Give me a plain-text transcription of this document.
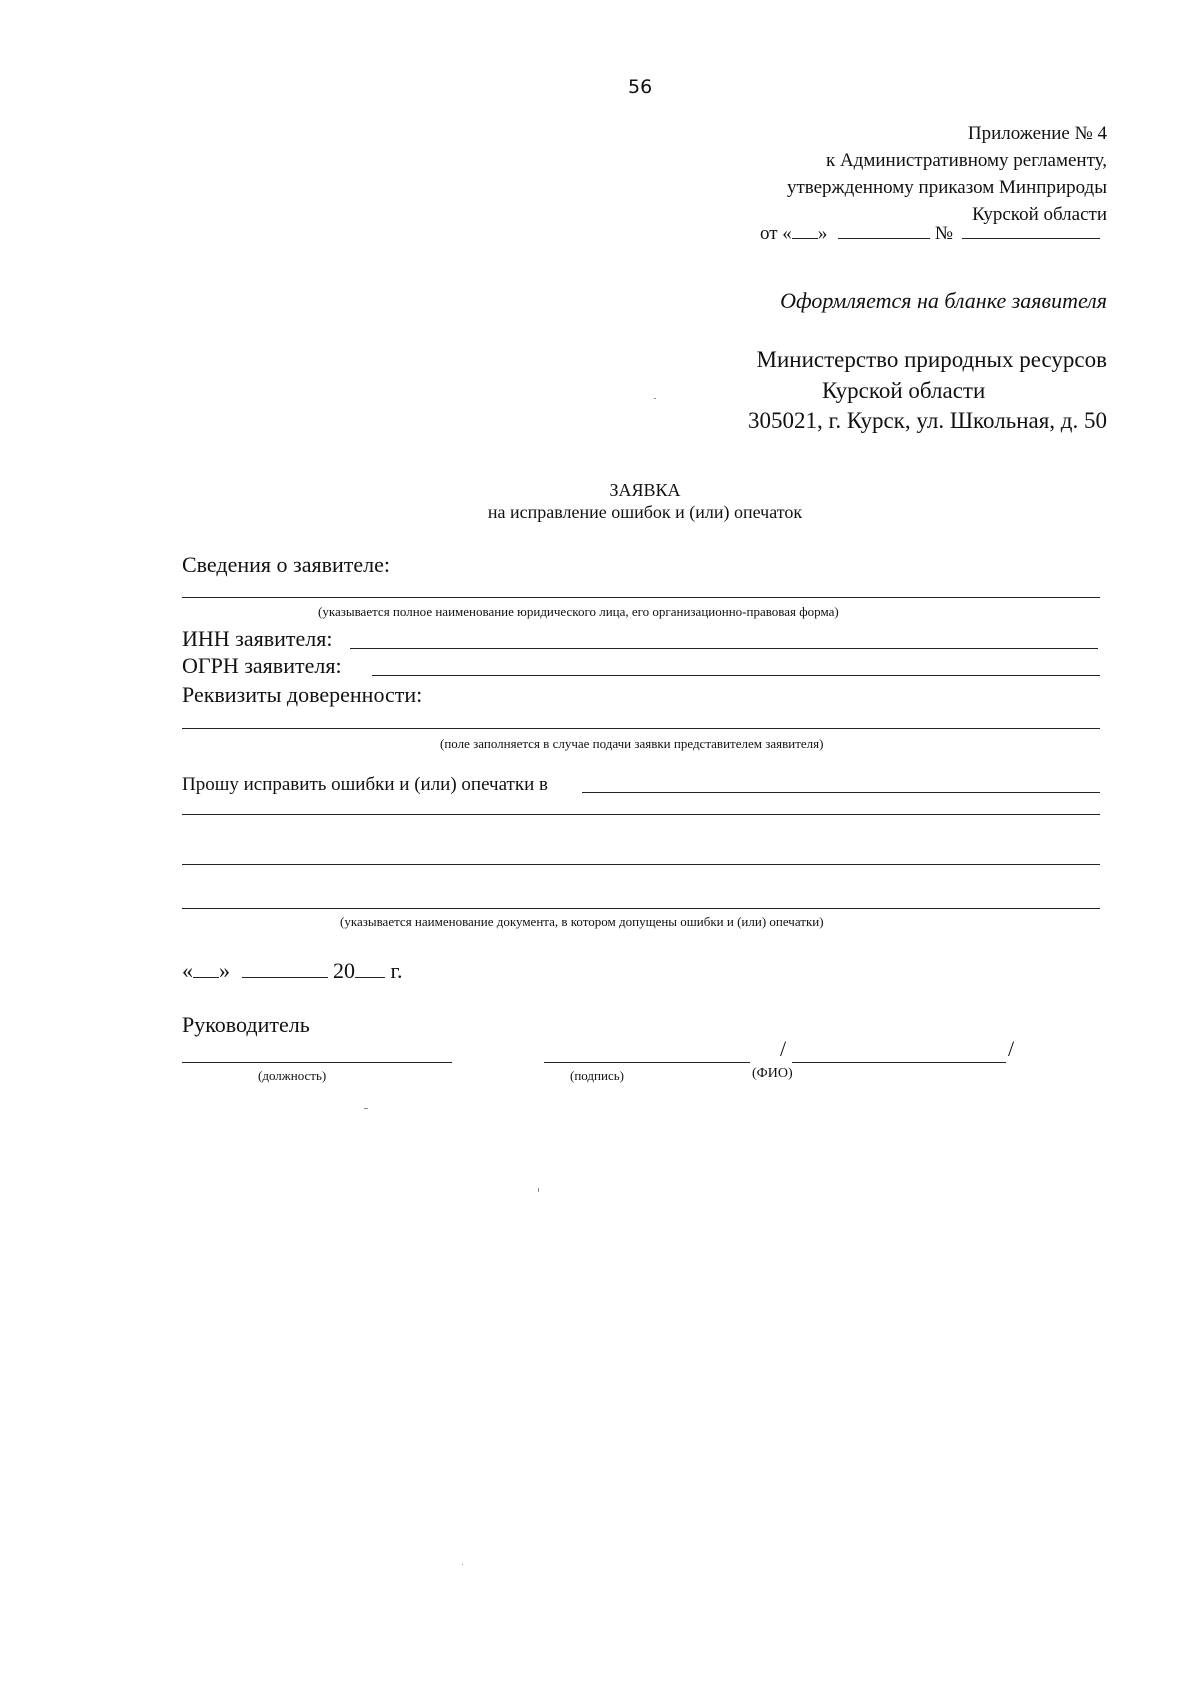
56
Приложение № 4
к Административному регламенту,
утвержденному приказом Минприроды
Курской области
от « »	№
Оформляется на бланке заявителя
Министерство природных ресурсов
Курской области
305021, г. Курск, ул. Школьная, д. 50
ЗАЯВКА
на исправление ошибок и (или) опечаток
Сведения о заявителе:
(указывается полное наименование юридического лица, его организационно-правовая форма)
ИНН заявителя:
ОГРН заявителя:
Реквизиты доверенности:
(поле заполняется в случае подачи заявки представителем заявителя)
Прошу исправить ошибки и (или) опечатки в
(указывается наименование документа, в котором допущены ошибки и (или) опечатки)
« »	20 г.
Руководитель
(должность)	(подпись)
/	/
(ФИО)
